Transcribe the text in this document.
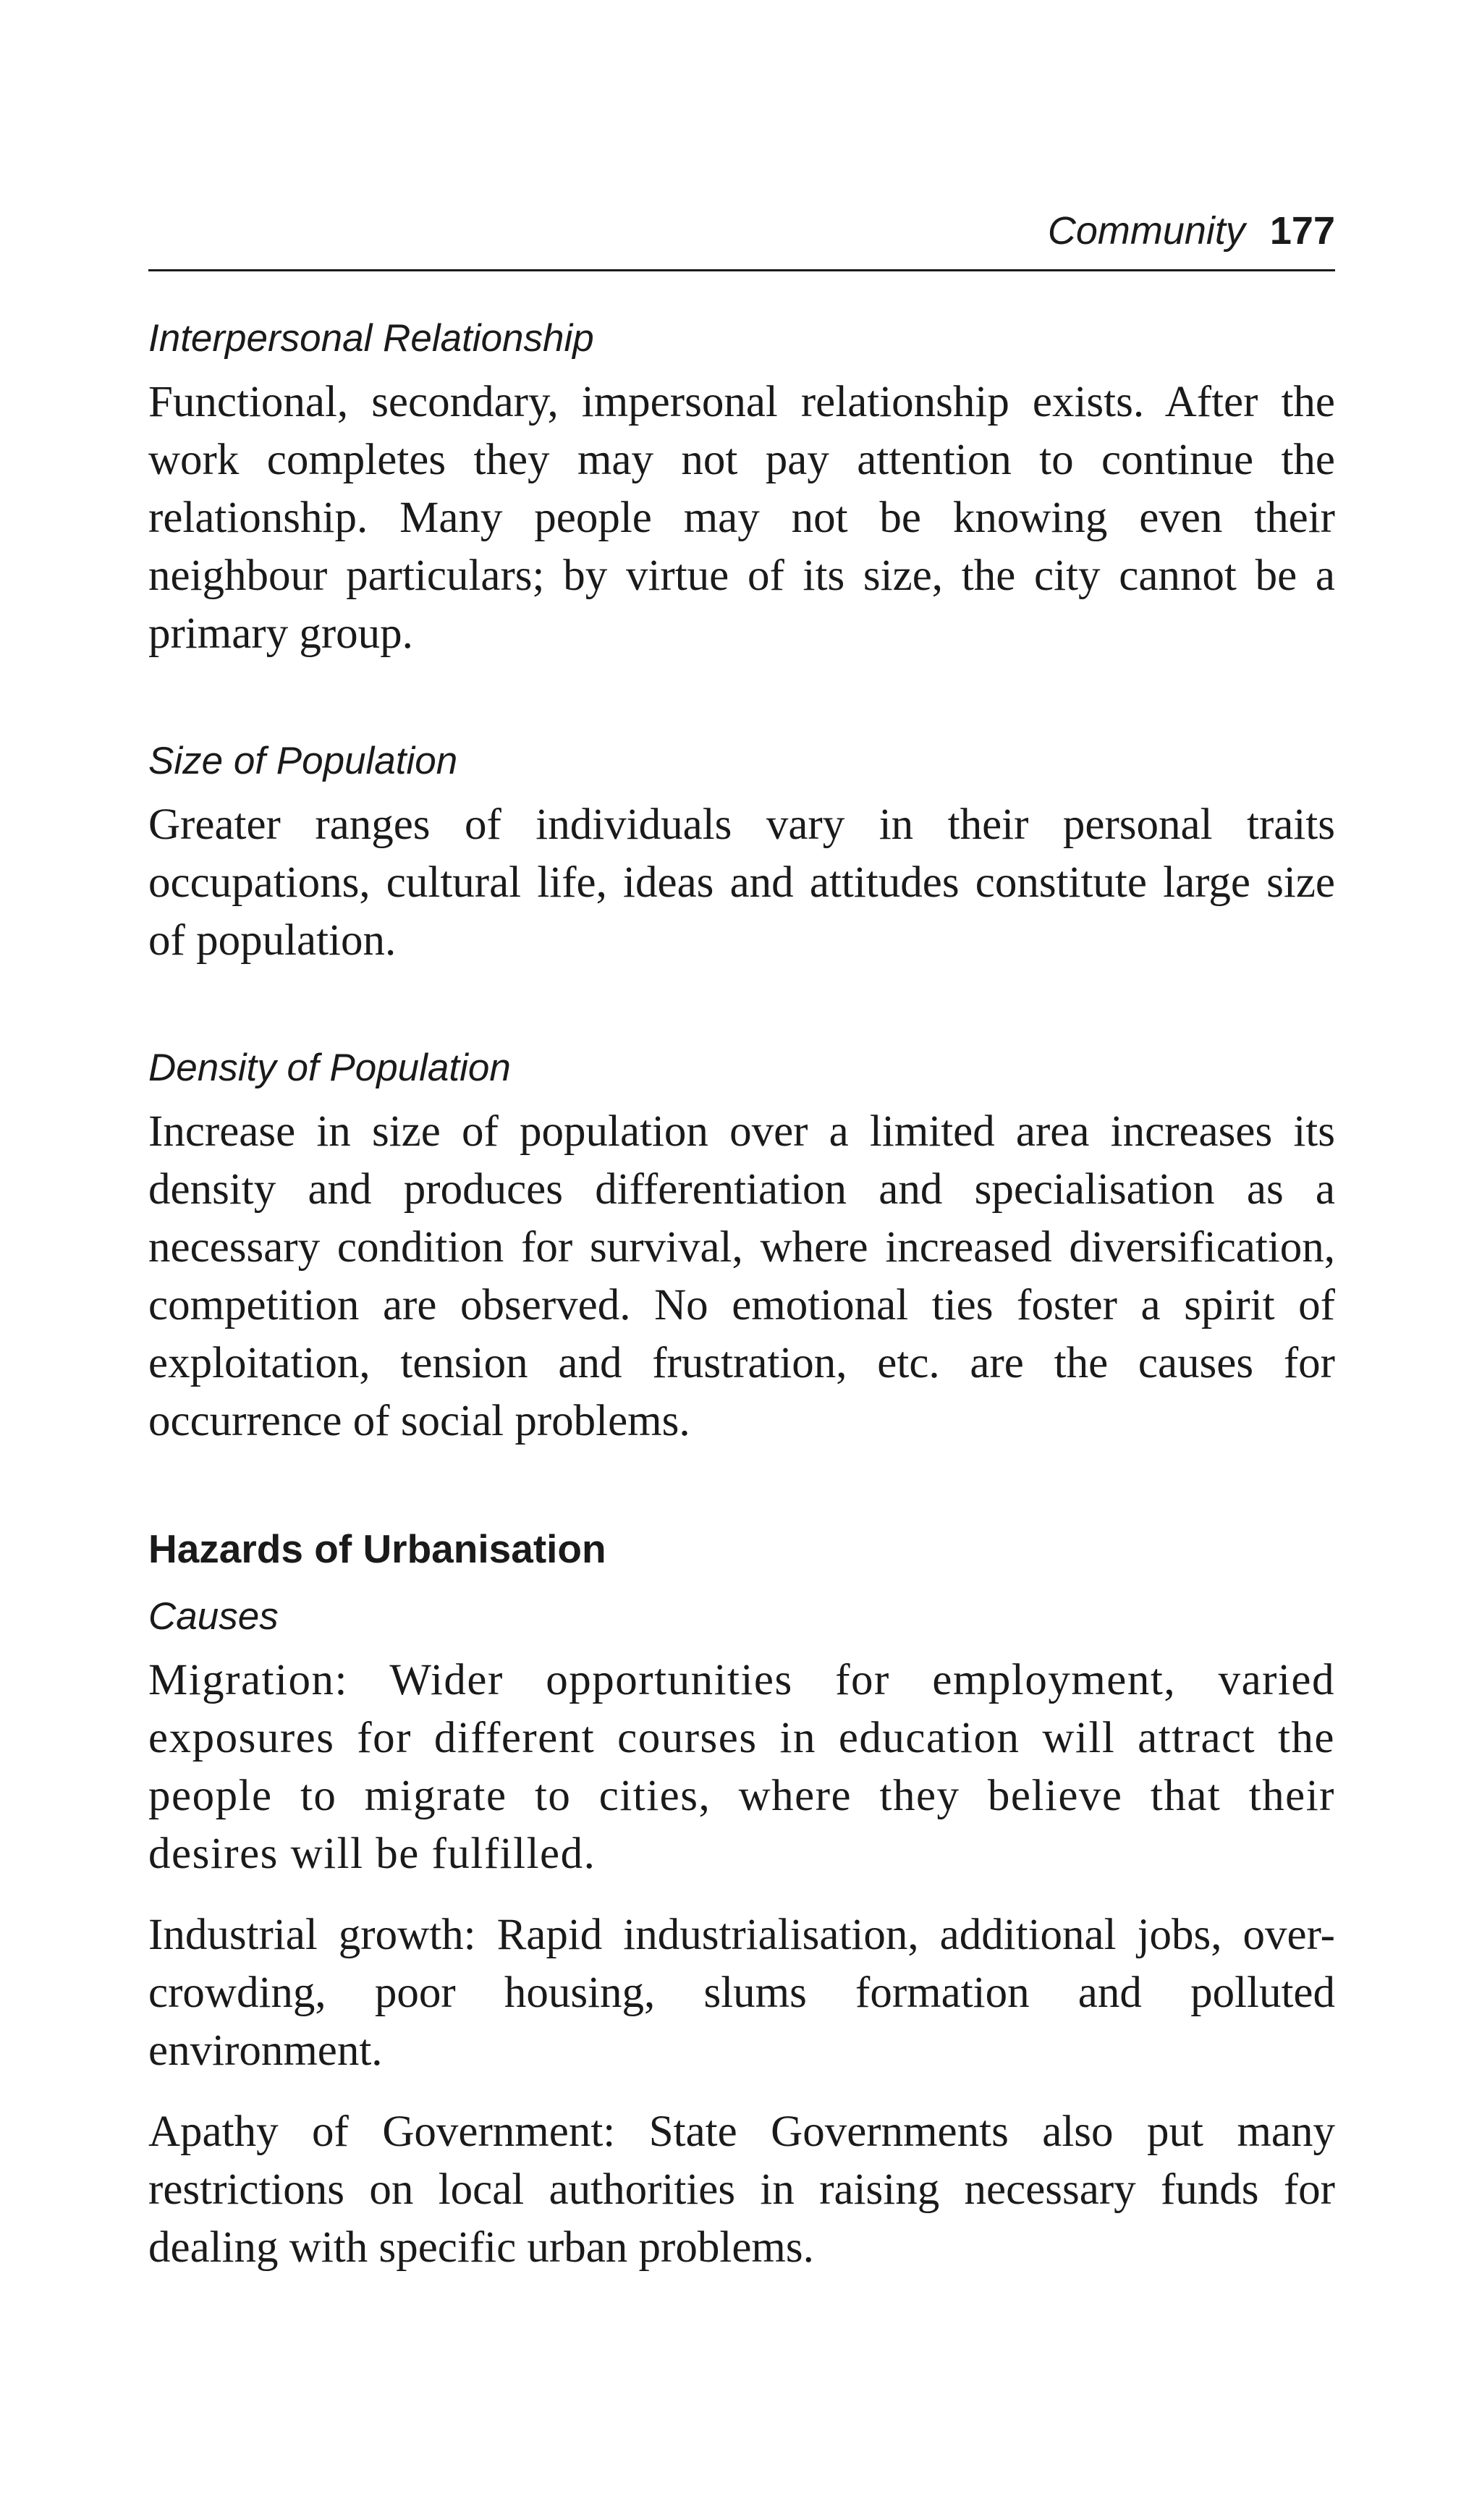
Community 177
Interpersonal Relationship

Functional, secondary, impersonal relationship exists. After the work completes they may not pay attention to continue the relationship. Many people may not be knowing even their neighbour particulars; by virtue of its size, the city cannot be a primary group.

Size of Population

Greater ranges of individuals vary in their personal traits occupations, cultural life, ideas and attitudes constitute large size of population.

Density of Population

Increase in size of population over a limited area increases its density and produces differentiation and specialisation as a necessary condition for survival, where increased diversification, competition are observed. No emotional ties foster a spirit of exploitation, tension and frustration, etc. are the causes for occurrence of social problems.

Hazards of Urbanisation
Causes

Migration: Wider opportunities for employment, varied exposures for different courses in education will attract the people to migrate to cities, where they believe that their desires will be fulfilled.

Industrial growth: Rapid industrialisation, additional jobs, over-crowding, poor housing, slums formation and polluted environment.

Apathy of Government: State Governments also put many restrictions on local authorities in raising necessary funds for dealing with specific urban problems.
